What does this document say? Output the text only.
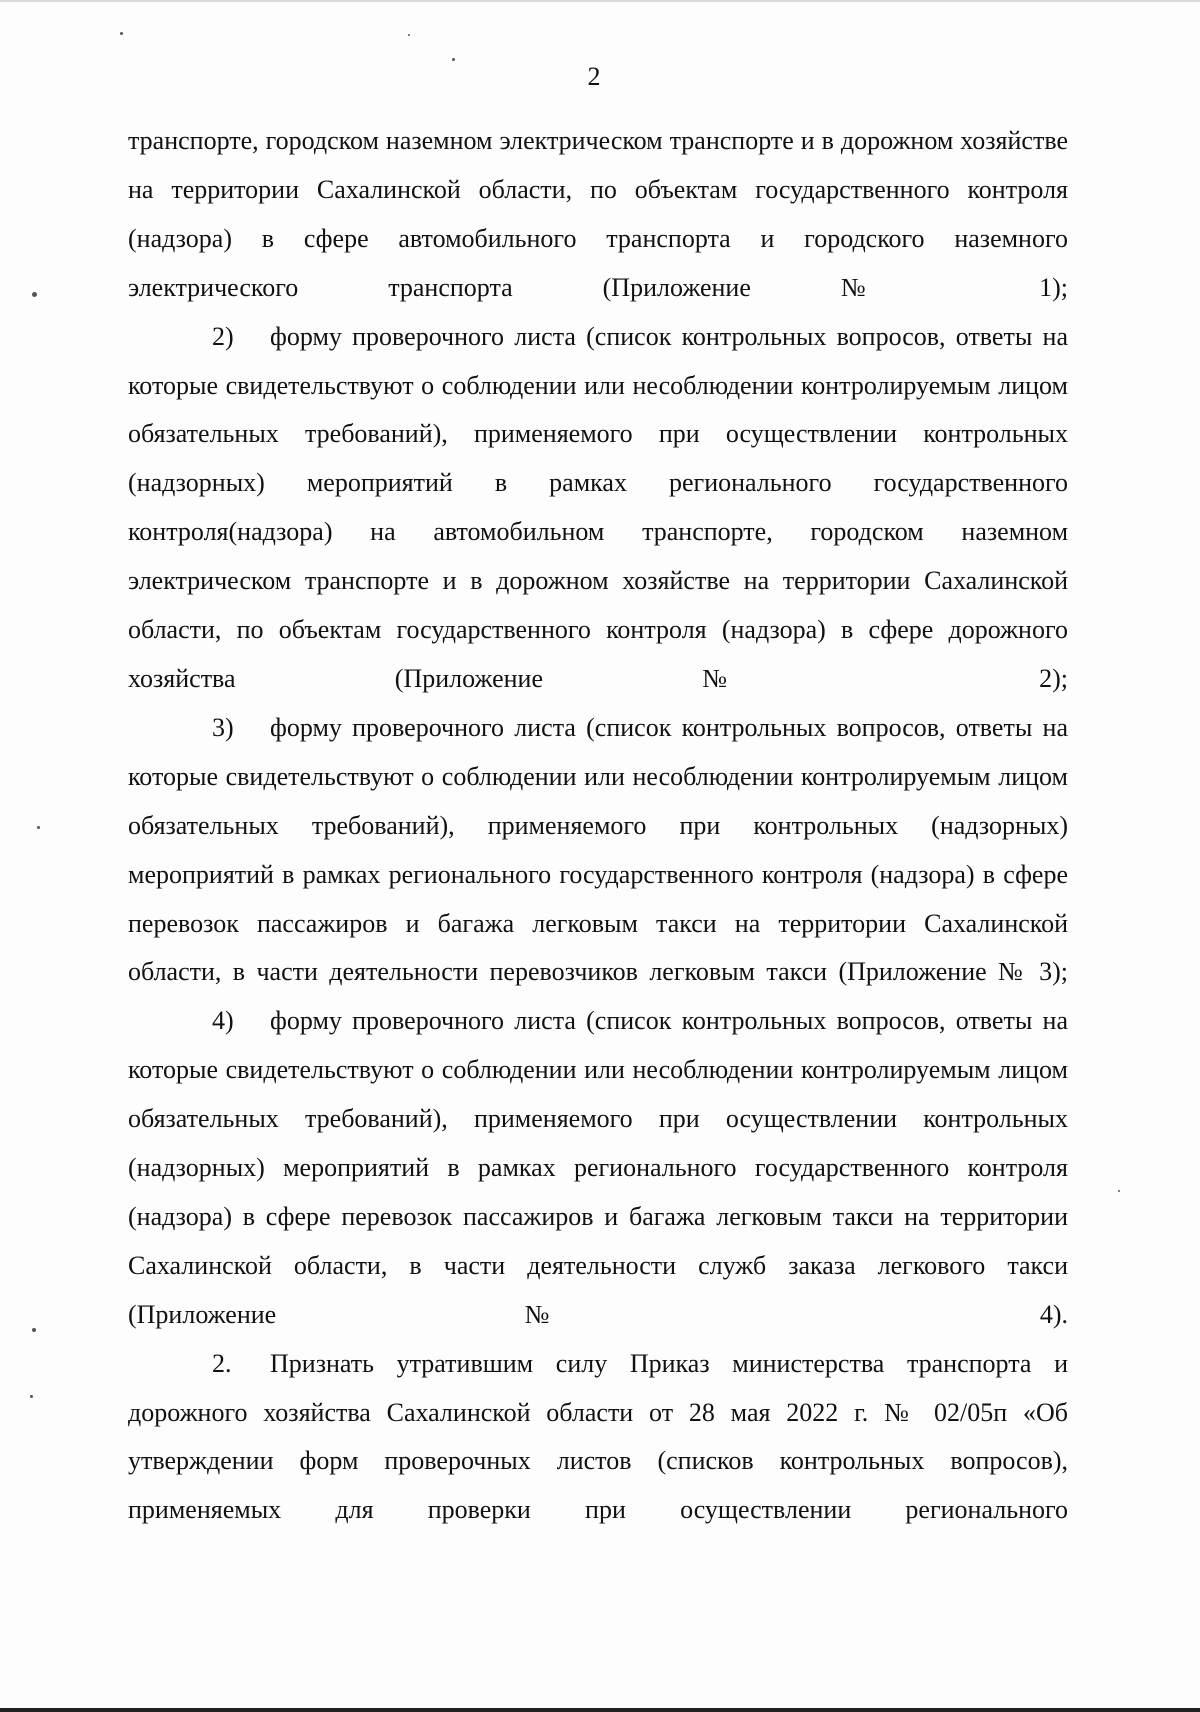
2

транспорте, городском наземном электрическом транспорте и в дорожном хозяйстве на территории Сахалинской области, по объектам государственного контроля (надзора) в сфере автомобильного транспорта и городского наземного электрического транспорта (Приложение № 1);

2) форму проверочного листа (список контрольных вопросов, ответы на которые свидетельствуют о соблюдении или несоблюдении контролируемым лицом обязательных требований), применяемого при осуществлении контрольных (надзорных) мероприятий в рамках регионального государственного контроля(надзора) на автомобильном транспорте, городском наземном электрическом транспорте и в дорожном хозяйстве на территории Сахалинской области, по объектам государственного контроля (надзора) в сфере дорожного хозяйства (Приложение № 2);

3) форму проверочного листа (список контрольных вопросов, ответы на которые свидетельствуют о соблюдении или несоблюдении контролируемым лицом обязательных требований), применяемого при контрольных (надзорных) мероприятий в рамках регионального государственного контроля (надзора) в сфере перевозок пассажиров и багажа легковым такси на территории Сахалинской области, в части деятельности перевозчиков легковым такси (Приложение № 3);

4) форму проверочного листа (список контрольных вопросов, ответы на которые свидетельствуют о соблюдении или несоблюдении контролируемым лицом обязательных требований), применяемого при осуществлении контрольных (надзорных) мероприятий в рамках регионального государственного контроля (надзора) в сфере перевозок пассажиров и багажа легковым такси на территории Сахалинской области, в части деятельности служб заказа легкового такси (Приложение № 4).

2. Признать утратившим силу Приказ министерства транспорта и дорожного хозяйства Сахалинской области от 28 мая 2022 г. № 02/05п «Об утверждении форм проверочных листов (списков контрольных вопросов), применяемых для проверки при осуществлении регионального
